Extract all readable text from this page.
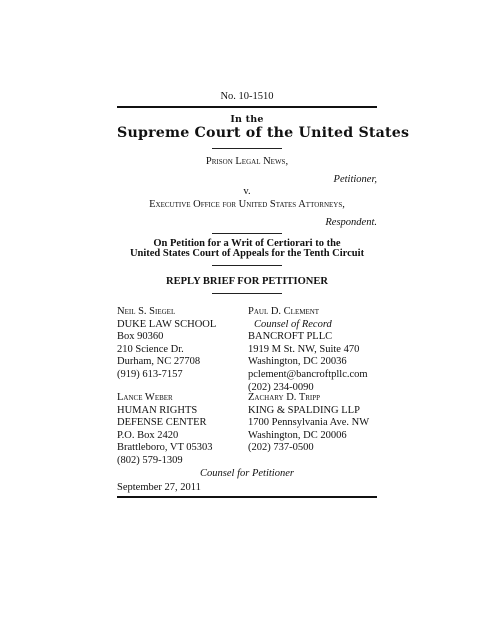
No. 10-1510
In the
Supreme Court of the United States
Prison Legal News,
Petitioner,
v.
Executive Office for United States Attorneys,
Respondent.
On Petition for a Writ of Certiorari to the
United States Court of Appeals for the Tenth Circuit
REPLY BRIEF FOR PETITIONER
Neil S. Siegel
DUKE LAW SCHOOL
Box 90360
210 Science Dr.
Durham, NC 27708
(919) 613-7157
Paul D. Clement
Counsel of Record
BANCROFT PLLC
1919 M St. NW, Suite 470
Washington, DC 20036
pclement@bancroftpllc.com
(202) 234-0090
Lance Weber
HUMAN RIGHTS
DEFENSE CENTER
P.O. Box 2420
Brattleboro, VT 05303
(802) 579-1309
Zachary D. Tripp
KING & SPALDING LLP
1700 Pennsylvania Ave. NW
Washington, DC 20006
(202) 737-0500
Counsel for Petitioner
September 27, 2011
